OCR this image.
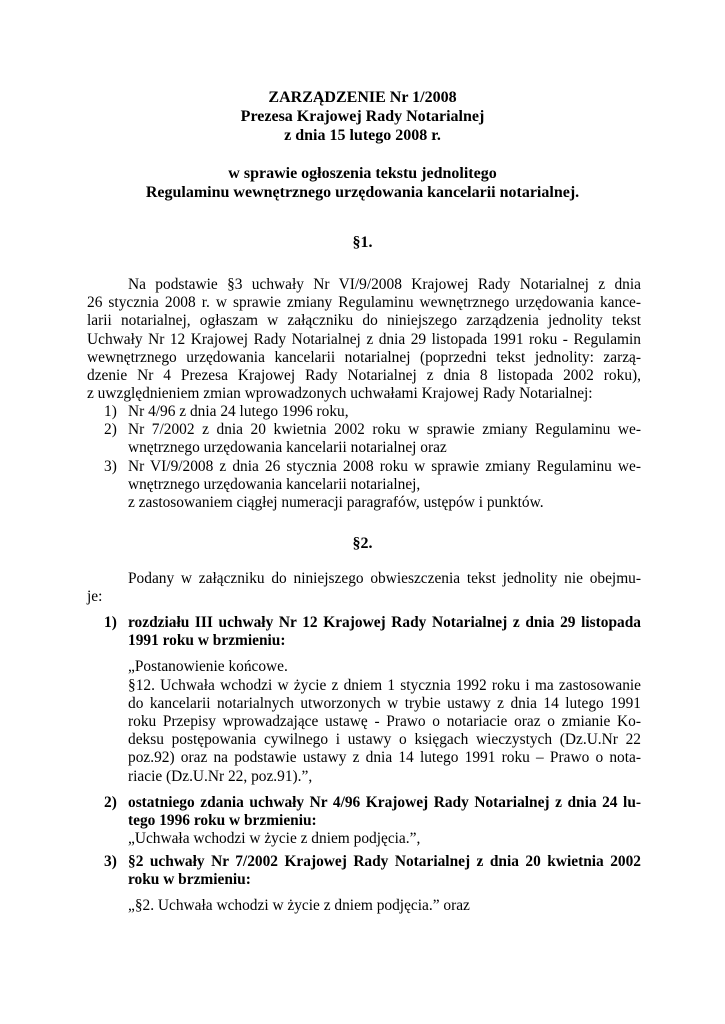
ZARZĄDZENIE Nr 1/2008
Prezesa Krajowej Rady Notarialnej
z dnia 15 lutego 2008 r.
w sprawie ogłoszenia tekstu jednolitego
Regulaminu wewnętrznego urzędowania kancelarii notarialnej.
§1.
Na podstawie §3 uchwały Nr VI/9/2008 Krajowej Rady Notarialnej z dnia
26 stycznia 2008 r. w sprawie zmiany Regulaminu wewnętrznego urzędowania kance-
larii notarialnej, ogłaszam w załączniku do niniejszego zarządzenia jednolity tekst
Uchwały Nr 12 Krajowej Rady Notarialnej z dnia 29 listopada 1991 roku - Regulamin
wewnętrznego urzędowania kancelarii notarialnej (poprzedni tekst jednolity: zarzą-
dzenie Nr 4 Prezesa Krajowej Rady Notarialnej z dnia 8 listopada 2002 roku),
z uwzględnieniem zmian wprowadzonych uchwałami Krajowej Rady Notarialnej:
1) Nr 4/96 z dnia 24 lutego 1996 roku,
2) Nr 7/2002 z dnia 20 kwietnia 2002 roku w sprawie zmiany Regulaminu we-
wnętrznego urzędowania kancelarii notarialnej oraz
3) Nr VI/9/2008 z dnia 26 stycznia 2008 roku w sprawie zmiany Regulaminu we-
wnętrznego urzędowania kancelarii notarialnej,
z zastosowaniem ciągłej numeracji paragrafów, ustępów i punktów.
§2.
Podany w załączniku do niniejszego obwieszczenia tekst jednolity nie obejmu-
je:
1) rozdziału III uchwały Nr 12 Krajowej Rady Notarialnej z dnia 29 listopada
1991 roku w brzmieniu:
„Postanowienie końcowe.
§12. Uchwała wchodzi w życie z dniem 1 stycznia 1992 roku i ma zastosowanie
do kancelarii notarialnych utworzonych w trybie ustawy z dnia 14 lutego 1991
roku Przepisy wprowadzające ustawę - Prawo o notariacie oraz o zmianie Ko-
deksu postępowania cywilnego i ustawy o księgach wieczystych (Dz.U.Nr 22
poz.92) oraz na podstawie ustawy z dnia 14 lutego 1991 roku – Prawo o nota-
riacie (Dz.U.Nr 22, poz.91).”,
2) ostatniego zdania uchwały Nr 4/96 Krajowej Rady Notarialnej z dnia 24 lu-
tego 1996 roku w brzmieniu:
„Uchwała wchodzi w życie z dniem podjęcia.”,
3) §2 uchwały Nr 7/2002 Krajowej Rady Notarialnej z dnia 20 kwietnia 2002
roku w brzmieniu:
„§2. Uchwała wchodzi w życie z dniem podjęcia.” oraz
